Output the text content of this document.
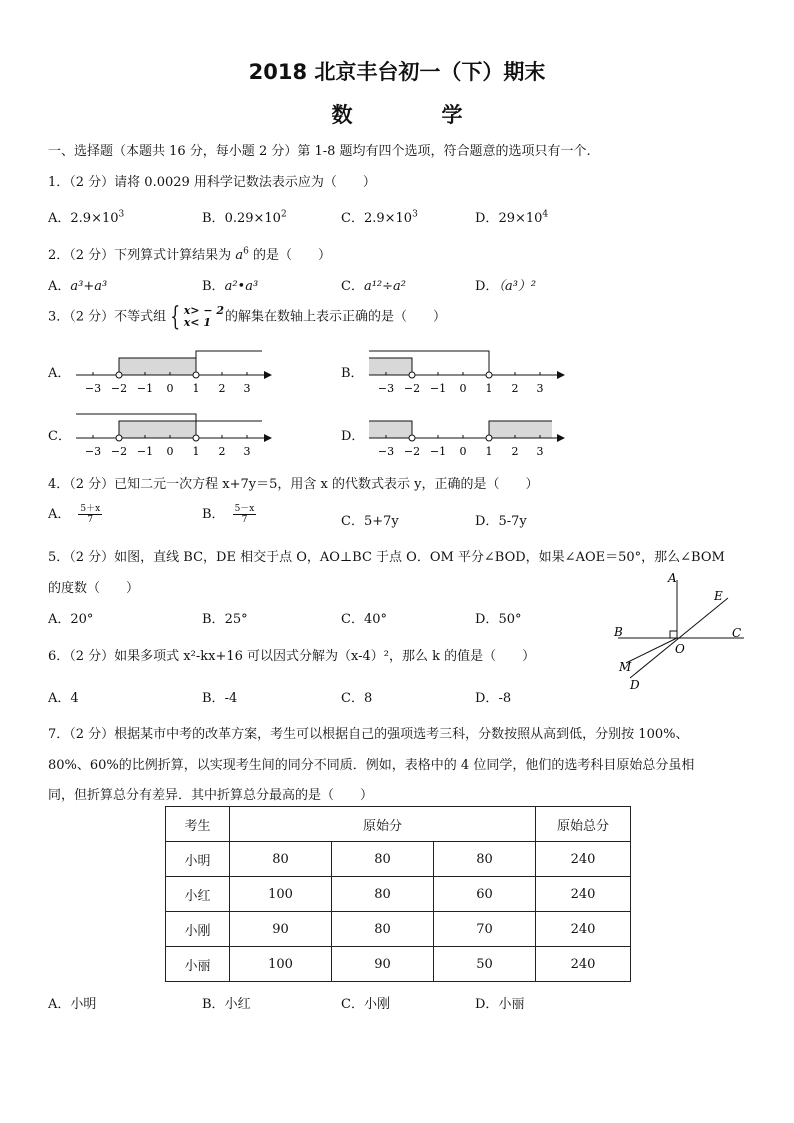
2018 北京丰台初一（下）期末
数　学
一、选择题（本题共 16 分，每小题 2 分）第 1-8 题均有四个选项，符合题意的选项只有一个.
1．（2 分）请将 0.0029 用科学记数法表示应为（　　）
A．$2.9\times 10^3$	B．$0.29\times 10^2$	C．$2.9\times 10^3$	D．$29\times 10^4$
2．（2 分）下列算式计算结果为 $a^6$ 的是（　　）
A．a³+a³	B．a²•a³	C．a¹²÷a²	D．（a³）²
3．（2 分）不等式组 { x> − 2
x< 1	的解集在数轴上表示正确的是（　　）
A．	B．
C．	D．
−3 −2 −1 0 1 2 3	−3 −2 −1 0 1 2 3
−3 −2 −1 0 1 2 3	−3 −2 −1 0 1 2 3
4．（2 分）已知二元一次方程 x+7y＝5，用含 x 的代数式表示 y，正确的是（　　）
A． $\frac{5+x}{7}$	B． $\frac{5-x}{7}$	C．5+7y	D．5-7y
5．（2 分）如图，直线 BC，DE 相交于点 O，AO⊥BC 于点 O．OM 平分∠BOD，如果∠AOE＝50°，那么∠BOM
的度数（　　）
A．20°	B．25°	C．40°	D．50°
A
B	C
D
E
M
O
6．（2 分）如果多项式 x²-kx+16 可以因式分解为（x-4）²，那么 k 的值是（　　）
A．4	B．-4	C．8	D．-8
7．（2 分）根据某市中考的改革方案，考生可以根据自己的强项选考三科，分数按照从高到低，分别按 100%、
80%、60%的比例折算，以实现考生间的同分不同质．例如，表格中的 4 位同学，他们的选考科目原始总分虽相
同，但折算总分有差异．其中折算总分最高的是（　　）
考生	原始分			原始总分
小明	80	80	80	240
小红	100	80	60	240
小刚	90	80	70	240
小丽	100	90	50	240
A．小明	B．小红	C．小刚	D．小丽
